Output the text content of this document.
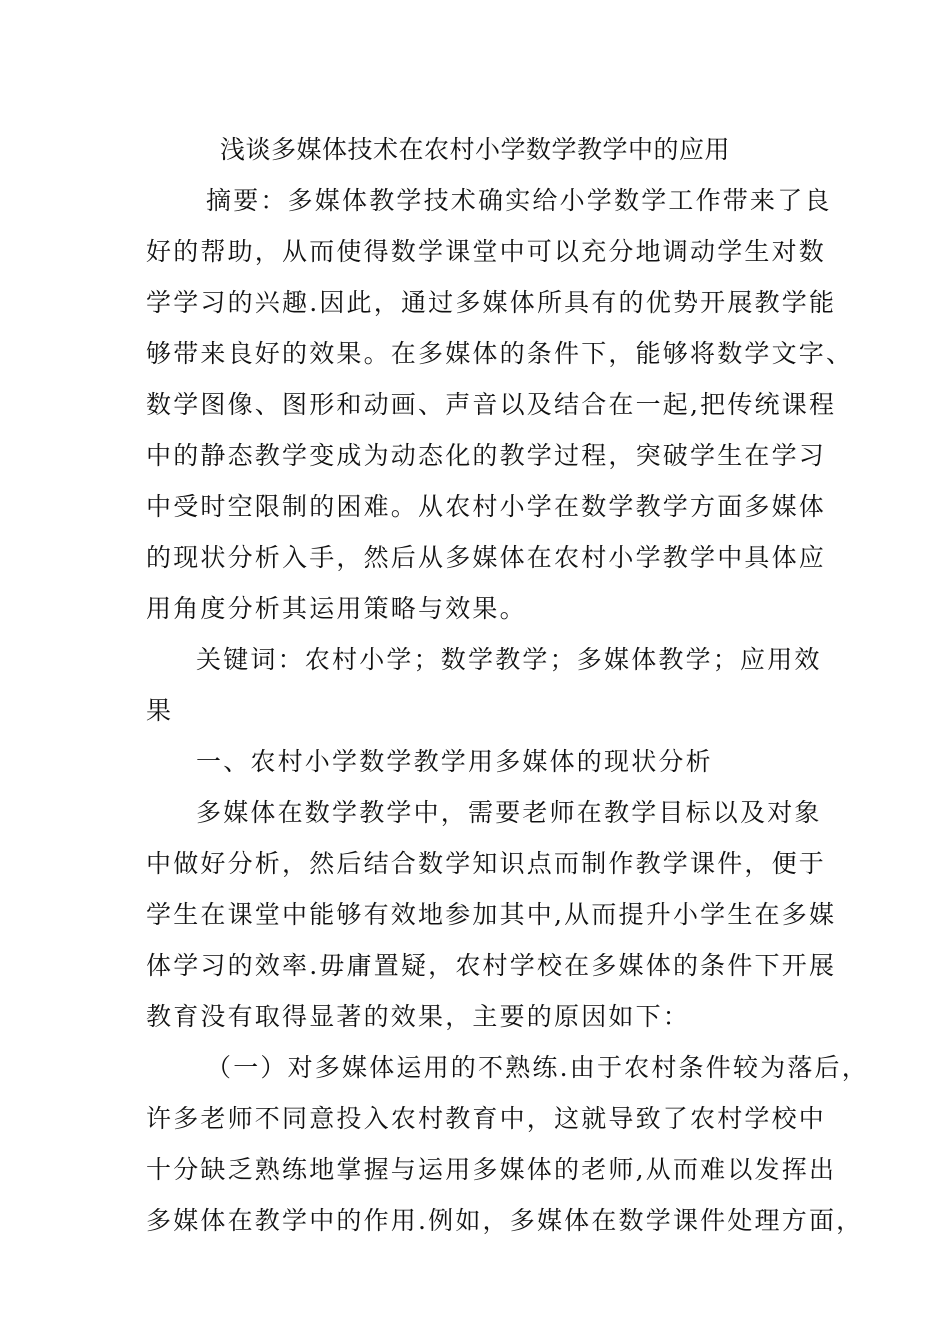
浅谈多媒体技术在农村小学数学教学中的应用
摘要：多媒体教学技术确实给小学数学工作带来了良
好的帮助，从而使得数学课堂中可以充分地调动学生对数
学学习的兴趣.因此，通过多媒体所具有的优势开展教学能
够带来良好的效果。在多媒体的条件下，能够将数学文字、
数学图像、图形和动画、声音以及结合在一起,把传统课程
中的静态教学变成为动态化的教学过程，突破学生在学习
中受时空限制的困难。从农村小学在数学教学方面多媒体
的现状分析入手，然后从多媒体在农村小学教学中具体应
用角度分析其运用策略与效果。
关键词：农村小学；数学教学；多媒体教学；应用效
果
一、农村小学数学教学用多媒体的现状分析
多媒体在数学教学中，需要老师在教学目标以及对象
中做好分析，然后结合数学知识点而制作教学课件，便于
学生在课堂中能够有效地参加其中,从而提升小学生在多媒
体学习的效率.毋庸置疑，农村学校在多媒体的条件下开展
教育没有取得显著的效果，主要的原因如下：
（一）对多媒体运用的不熟练.由于农村条件较为落后，
许多老师不同意投入农村教育中，这就导致了农村学校中
十分缺乏熟练地掌握与运用多媒体的老师,从而难以发挥出
多媒体在教学中的作用.例如，多媒体在数学课件处理方面，
